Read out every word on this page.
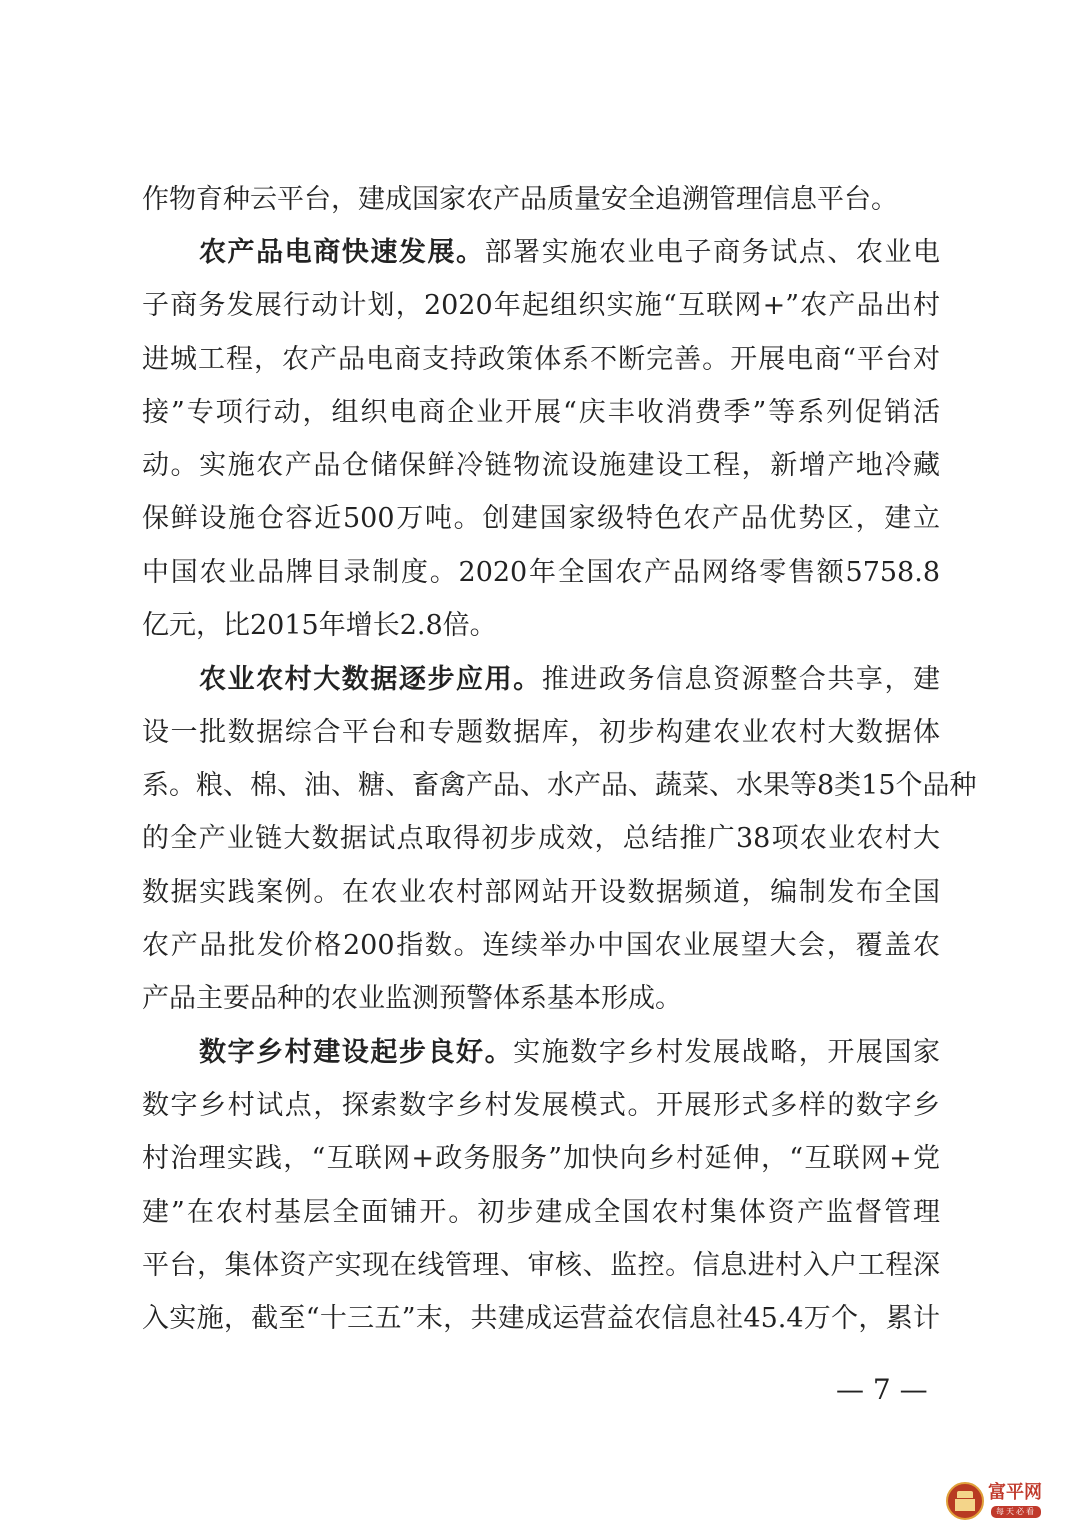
作物育种云平台，建成国家农产品质量安全追溯管理信息平台。
农产品电商快速发展。部署实施农业电子商务试点、农业电
子商务发展行动计划，2020年起组织实施“互联网+”农产品出村
进城工程，农产品电商支持政策体系不断完善。开展电商“平台对
接”专项行动，组织电商企业开展“庆丰收消费季”等系列促销活
动。实施农产品仓储保鲜冷链物流设施建设工程，新增产地冷藏
保鲜设施仓容近500万吨。创建国家级特色农产品优势区，建立
中国农业品牌目录制度。2020年全国农产品网络零售额5758.8
亿元，比2015年增长2.8倍。
农业农村大数据逐步应用。推进政务信息资源整合共享，建
设一批数据综合平台和专题数据库，初步构建农业农村大数据体
系。粮、棉、油、糖、畜禽产品、水产品、蔬菜、水果等8类15个品种
的全产业链大数据试点取得初步成效，总结推广38项农业农村大
数据实践案例。在农业农村部网站开设数据频道，编制发布全国
农产品批发价格200指数。连续举办中国农业展望大会，覆盖农
产品主要品种的农业监测预警体系基本形成。
数字乡村建设起步良好。实施数字乡村发展战略，开展国家
数字乡村试点，探索数字乡村发展模式。开展形式多样的数字乡
村治理实践，“互联网+政务服务”加快向乡村延伸，“互联网+党
建”在农村基层全面铺开。初步建成全国农村集体资产监督管理
平台，集体资产实现在线管理、审核、监控。信息进村入户工程深
入实施，截至“十三五”末，共建成运营益农信息社45.4万个，累计
— 7 —
富平网
每天必看
